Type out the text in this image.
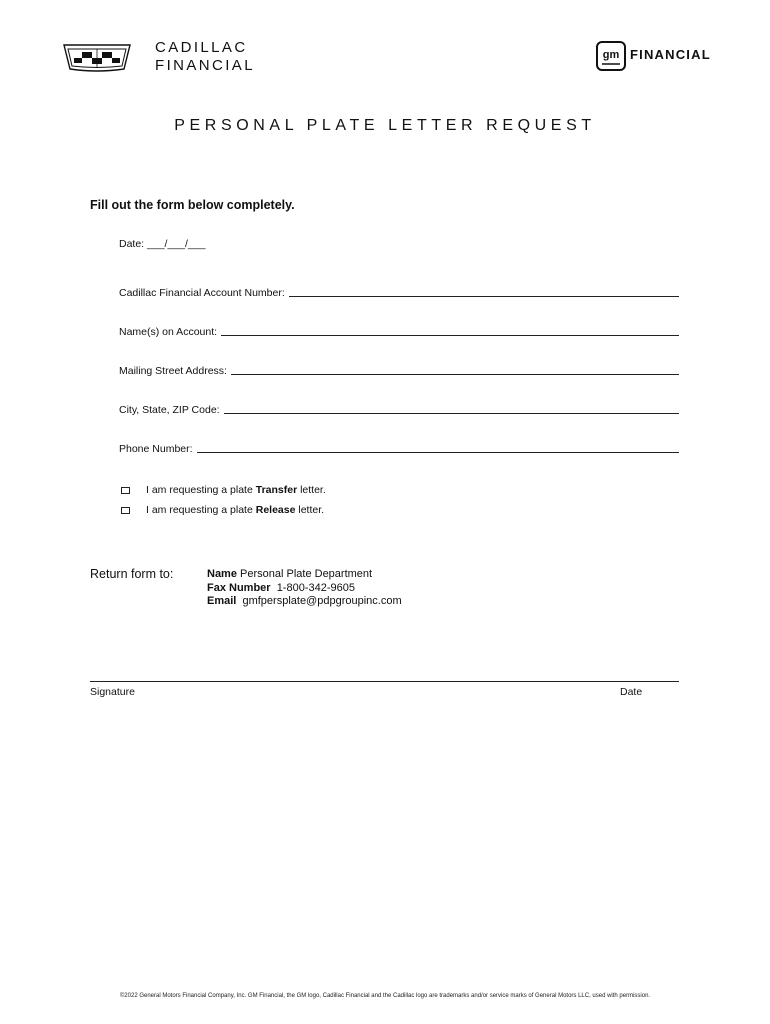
CADILLAC
FINANCIAL
gm FINANCIAL
PERSONAL PLATE LETTER REQUEST
Fill out the form below completely.
Date: ___/___/___
Cadillac Financial Account Number:
Name(s) on Account:
Mailing Street Address:
City, State, ZIP Code:
Phone Number:
I am requesting a plate Transfer letter.
I am requesting a plate Release letter.
Return form to:	Name Personal Plate Department
Fax Number  1-800-342-9605
Email  gmfpersplate@pdpgroupinc.com
Signature	Date
©2022 General Motors Financial Company, Inc. GM Financial, the GM logo, Cadillac Financial and the Cadillac logo are trademarks and/or service marks of General Motors LLC, used with permission.
